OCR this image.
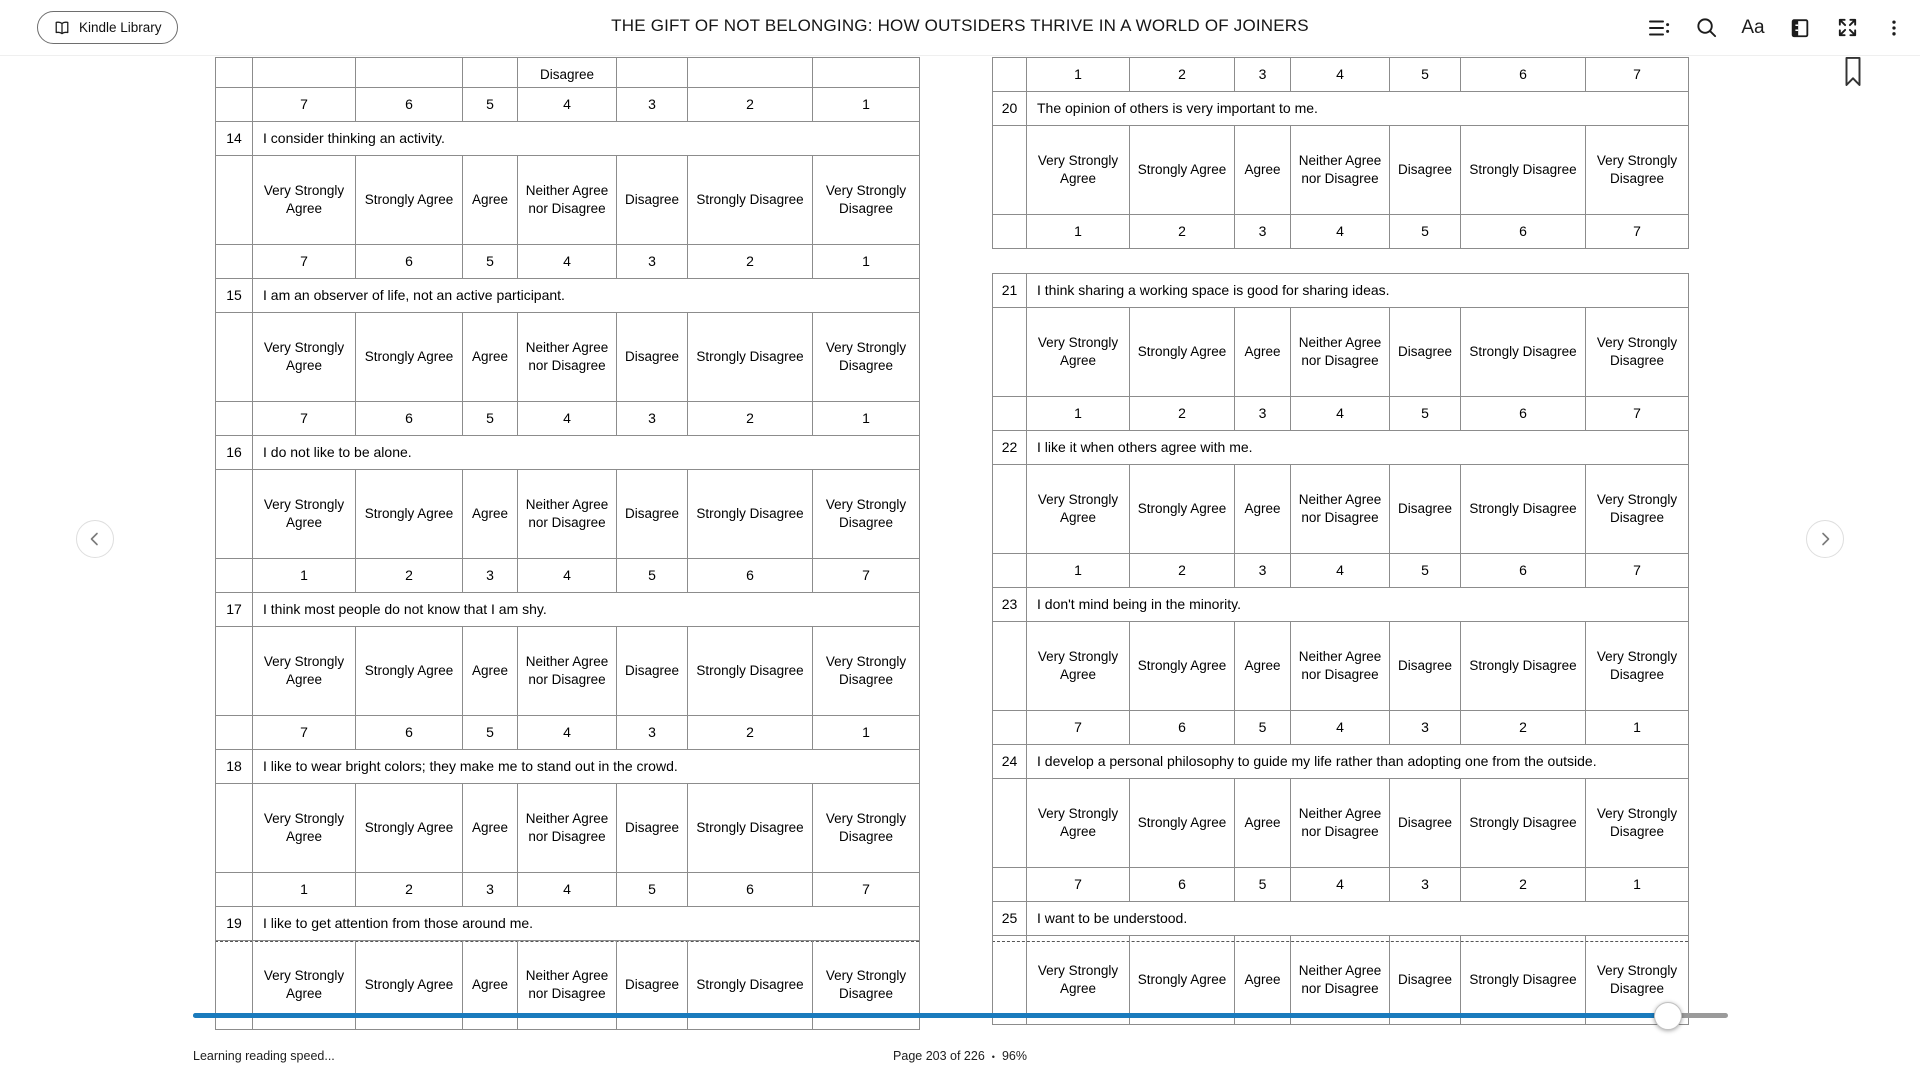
Kindle Library	THE GIFT OF NOT BELONGING: HOW OUTSIDERS THRIVE IN A WORLD OF JOINERS	Aa
				Disagree			
	7	6	5	4	3	2	1
14	I consider thinking an activity.						
	Very Strongly Agree	Strongly Agree	Agree	Neither Agree nor Disagree	Disagree	Strongly Disagree	Very Strongly Disagree
	7	6	5	4	3	2	1
15	I am an observer of life, not an active participant.						
	Very Strongly Agree	Strongly Agree	Agree	Neither Agree nor Disagree	Disagree	Strongly Disagree	Very Strongly Disagree
	7	6	5	4	3	2	1
16	I do not like to be alone.						
	Very Strongly Agree	Strongly Agree	Agree	Neither Agree nor Disagree	Disagree	Strongly Disagree	Very Strongly Disagree
	1	2	3	4	5	6	7
17	I think most people do not know that I am shy.						
	Very Strongly Agree	Strongly Agree	Agree	Neither Agree nor Disagree	Disagree	Strongly Disagree	Very Strongly Disagree
	7	6	5	4	3	2	1
18	I like to wear bright colors; they make me to stand out in the crowd.						
	Very Strongly Agree	Strongly Agree	Agree	Neither Agree nor Disagree	Disagree	Strongly Disagree	Very Strongly Disagree
	1	2	3	4	5	6	7
19	I like to get attention from those around me.						
	Very Strongly Agree	Strongly Agree	Agree	Neither Agree nor Disagree	Disagree	Strongly Disagree	Very Strongly Disagree
	1	2	3	4	5	6	7
20	The opinion of others is very important to me.						
	Very Strongly Agree	Strongly Agree	Agree	Neither Agree nor Disagree	Disagree	Strongly Disagree	Very Strongly Disagree
	1	2	3	4	5	6	7
21	I think sharing a working space is good for sharing ideas.						
	Very Strongly Agree	Strongly Agree	Agree	Neither Agree nor Disagree	Disagree	Strongly Disagree	Very Strongly Disagree
	1	2	3	4	5	6	7
22	I like it when others agree with me.						
	Very Strongly Agree	Strongly Agree	Agree	Neither Agree nor Disagree	Disagree	Strongly Disagree	Very Strongly Disagree
	1	2	3	4	5	6	7
23	I don't mind being in the minority.						
	Very Strongly Agree	Strongly Agree	Agree	Neither Agree nor Disagree	Disagree	Strongly Disagree	Very Strongly Disagree
	7	6	5	4	3	2	1
24	I develop a personal philosophy to guide my life rather than adopting one from the outside.						
	Very Strongly Agree	Strongly Agree	Agree	Neither Agree nor Disagree	Disagree	Strongly Disagree	Very Strongly Disagree
	7	6	5	4	3	2	1
25	I want to be understood.						
	Very Strongly Agree	Strongly Agree	Agree	Neither Agree nor Disagree	Disagree	Strongly Disagree	Very Strongly Disagree
Learning reading speed...	Page 203 of 226 • 96%
